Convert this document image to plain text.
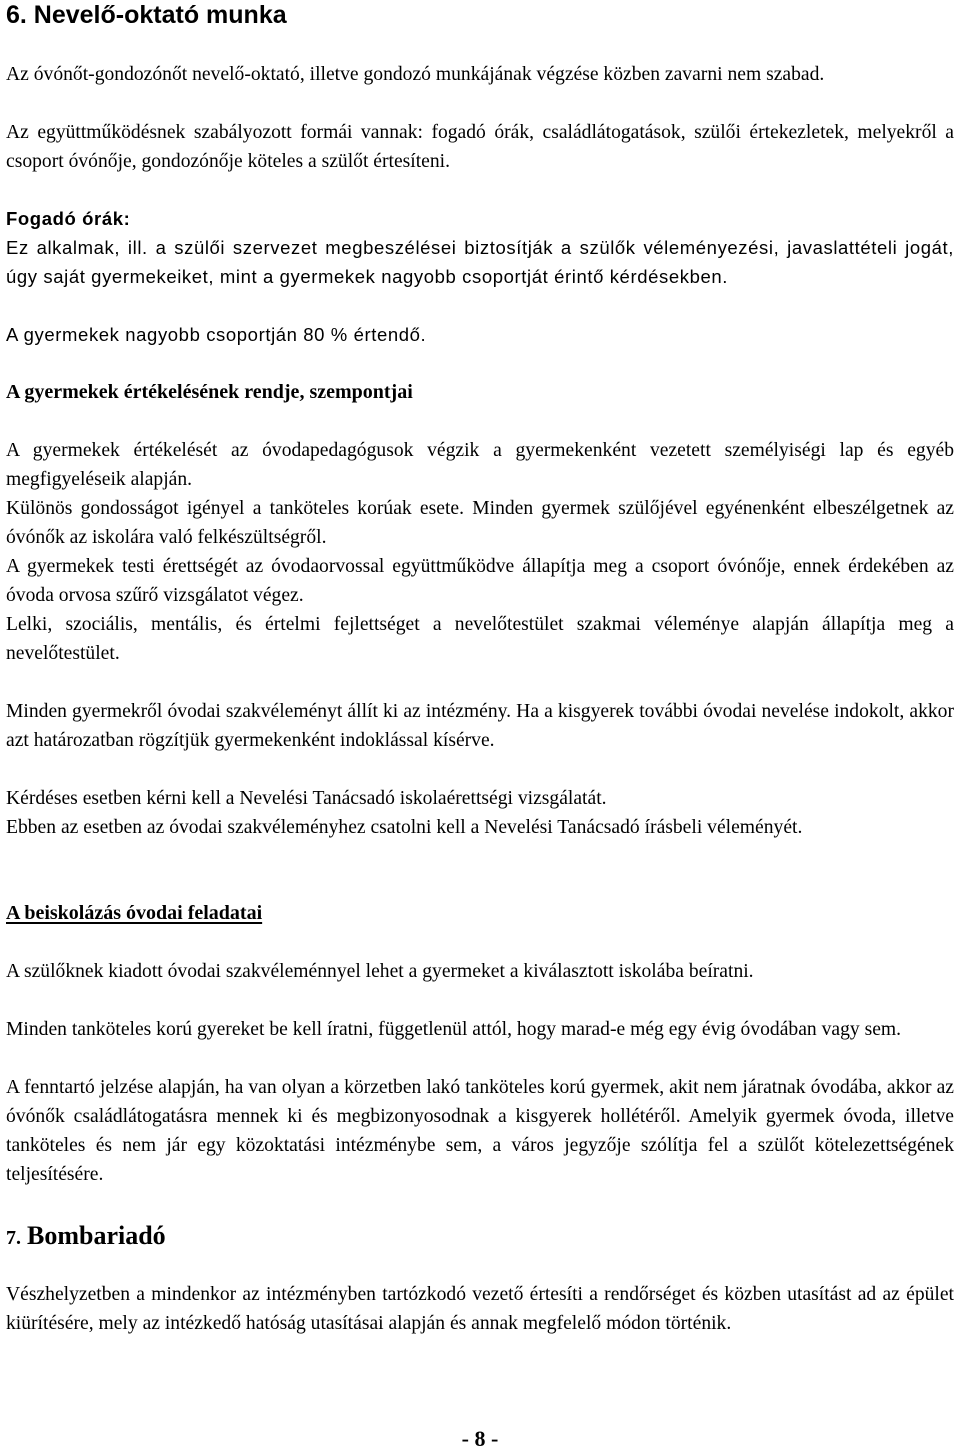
6. Nevelő-oktató munka

Az óvónőt-gondozónőt nevelő-oktató, illetve gondozó munkájának végzése közben zavarni nem szabad.

Az együttműködésnek szabályozott formái vannak: fogadó órák, családlátogatások, szülői értekezletek, melyekről a csoport óvónője, gondozónője köteles a szülőt értesíteni.

Fogadó órák:

Ez alkalmak, ill. a szülői szervezet megbeszélései biztosítják a szülők véleményezési, javaslattételi jogát, úgy saját gyermekeiket, mint a gyermekek nagyobb csoportját érintő kérdésekben.

A gyermekek nagyobb csoportján 80 % értendő.

A gyermekek értékelésének rendje, szempontjai

A gyermekek értékelését az óvodapedagógusok végzik a gyermekenként vezetett személyiségi lap és egyéb megfigyeléseik alapján.

Különös gondosságot igényel a tanköteles korúak esete. Minden gyermek szülőjével egyénenként elbeszélgetnek az óvónők az iskolára való felkészültségről.

A gyermekek testi érettségét az óvodaorvossal együttműködve állapítja meg a csoport óvónője, ennek érdekében az óvoda orvosa szűrő vizsgálatot végez.

Lelki, szociális, mentális, és értelmi fejlettséget a nevelőtestület szakmai véleménye alapján állapítja meg a nevelőtestület.

Minden gyermekről óvodai szakvéleményt állít ki az intézmény. Ha a kisgyerek további óvodai nevelése indokolt, akkor azt határozatban rögzítjük gyermekenként indoklással kísérve.

Kérdéses esetben kérni kell a Nevelési Tanácsadó iskolaérettségi vizsgálatát.

Ebben az esetben az óvodai szakvéleményhez csatolni kell a Nevelési Tanácsadó írásbeli véleményét.

A beiskolázás óvodai feladatai

A szülőknek kiadott óvodai szakvéleménnyel lehet a gyermeket a kiválasztott iskolába beíratni.

Minden tanköteles korú gyereket be kell íratni, függetlenül attól, hogy marad-e még egy évig óvodában vagy sem.

A fenntartó jelzése alapján, ha van olyan a körzetben lakó tanköteles korú gyermek, akit nem járatnak óvodába, akkor az óvónők családlátogatásra mennek ki és megbizonyosodnak a kisgyerek hollétéről. Amelyik gyermek óvoda, illetve tanköteles és nem jár egy közoktatási intézménybe sem, a város jegyzője szólítja fel a szülőt kötelezettségének teljesítésére.

7. Bombariadó

Vészhelyzetben a mindenkor az intézményben tartózkodó vezető értesíti a rendőrséget és közben utasítást ad az épület kiürítésére, mely az intézkedő hatóság utasításai alapján és annak megfelelő módon történik.

- 8 -
